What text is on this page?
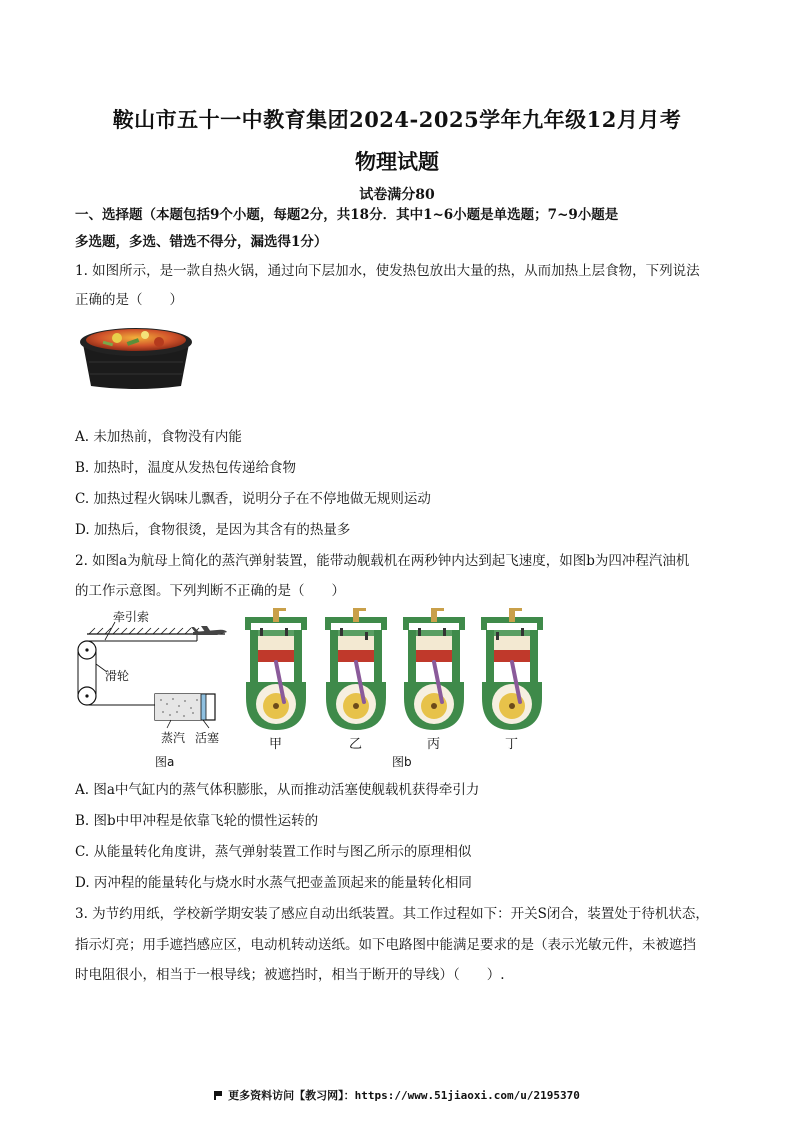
鞍山市五十一中教育集团2024-2025学年九年级12月月考
物理试题
试卷满分80
一、选择题（本题包括9个小题，每题2分，共18分．其中1~6小题是单选题；7~9小题是
多选题，多选、错选不得分，漏选得1分）
1. 如图所示，是一款自热火锅，通过向下层加水，使发热包放出大量的热，从而加热上层食物，下列说法
正确的是（　　）
A. 未加热前，食物没有内能
B. 加热时，温度从发热包传递给食物
C. 加热过程火锅味儿飘香，说明分子在不停地做无规则运动
D. 加热后，食物很烫，是因为其含有的热量多
2. 如图a为航母上简化的蒸汽弹射装置，能带动舰载机在两秒钟内达到起飞速度，如图b为四冲程汽油机
的工作示意图。下列判断不正确的是（　　）
牵引索
滑轮
蒸汽 活塞
图a
甲	乙	丙	丁
图b
A. 图a中气缸内的蒸气体积膨胀，从而推动活塞使舰载机获得牵引力
B. 图b中甲冲程是依靠飞轮的惯性运转的
C. 从能量转化角度讲，蒸气弹射装置工作时与图乙所示的原理相似
D. 丙冲程的能量转化与烧水时水蒸气把壶盖顶起来的能量转化相同
3. 为节约用纸，学校新学期安装了感应自动出纸装置。其工作过程如下：开关S闭合，装置处于待机状态，
指示灯亮；用手遮挡感应区，电动机转动送纸。如下电路图中能满足要求的是（表示光敏元件，未被遮挡
时电阻很小，相当于一根导线；被遮挡时，相当于断开的导线）（　　）.
更多资料访问【教习网】：https://www.51jiaoxi.com/u/2195370
